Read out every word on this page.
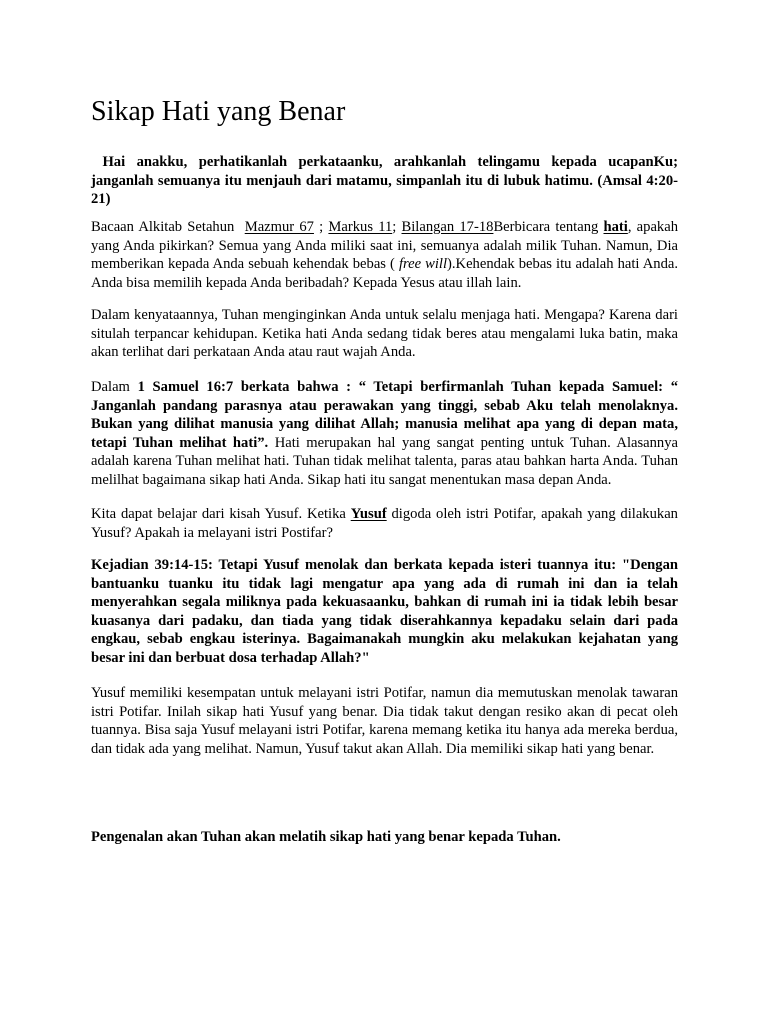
Sikap Hati yang Benar

Hai anakku, perhatikanlah perkataanku, arahkanlah telingamu kepada ucapanKu; janganlah semuanya itu menjauh dari matamu, simpanlah itu di lubuk hatimu. (Amsal 4:20-21)

Bacaan Alkitab Setahun Mazmur 67 ; Markus 11; Bilangan 17-18Berbicara tentang hati, apakah yang Anda pikirkan? Semua yang Anda miliki saat ini, semuanya adalah milik Tuhan. Namun, Dia memberikan kepada Anda sebuah kehendak bebas ( free will).Kehendak bebas itu adalah hati Anda. Anda bisa memilih kepada Anda beribadah? Kepada Yesus atau illah lain.

Dalam kenyataannya, Tuhan menginginkan Anda untuk selalu menjaga hati. Mengapa? Karena dari situlah terpancar kehidupan. Ketika hati Anda sedang tidak beres atau mengalami luka batin, maka akan terlihat dari perkataan Anda atau raut wajah Anda.

Dalam 1 Samuel 16:7 berkata bahwa : “ Tetapi berfirmanlah Tuhan kepada Samuel: “ Janganlah pandang parasnya atau perawakan yang tinggi, sebab Aku telah menolaknya. Bukan yang dilihat manusia yang dilihat Allah; manusia melihat apa yang di depan mata, tetapi Tuhan melihat hati”. Hati merupakan hal yang sangat penting untuk Tuhan. Alasannya adalah karena Tuhan melihat hati. Tuhan tidak melihat talenta, paras atau bahkan harta Anda. Tuhan melilhat bagaimana sikap hati Anda. Sikap hati itu sangat menentukan masa depan Anda.

Kita dapat belajar dari kisah Yusuf. Ketika Yusuf digoda oleh istri Potifar, apakah yang dilakukan Yusuf? Apakah ia melayani istri Postifar?

Kejadian 39:14-15: Tetapi Yusuf menolak dan berkata kepada isteri tuannya itu: "Dengan bantuanku tuanku itu tidak lagi mengatur apa yang ada di rumah ini dan ia telah menyerahkan segala miliknya pada kekuasaanku, bahkan di rumah ini ia tidak lebih besar kuasanya dari padaku, dan tiada yang tidak diserahkannya kepadaku selain dari pada engkau, sebab engkau isterinya. Bagaimanakah mungkin aku melakukan kejahatan yang besar ini dan berbuat dosa terhadap Allah?"

Yusuf memiliki kesempatan untuk melayani istri Potifar, namun dia memutuskan menolak tawaran istri Potifar. Inilah sikap hati Yusuf yang benar. Dia tidak takut dengan resiko akan di pecat oleh tuannya. Bisa saja Yusuf melayani istri Potifar, karena memang ketika itu hanya ada mereka berdua, dan tidak ada yang melihat. Namun, Yusuf takut akan Allah. Dia memiliki sikap hati yang benar.

Pengenalan akan Tuhan akan melatih sikap hati yang benar kepada Tuhan.
